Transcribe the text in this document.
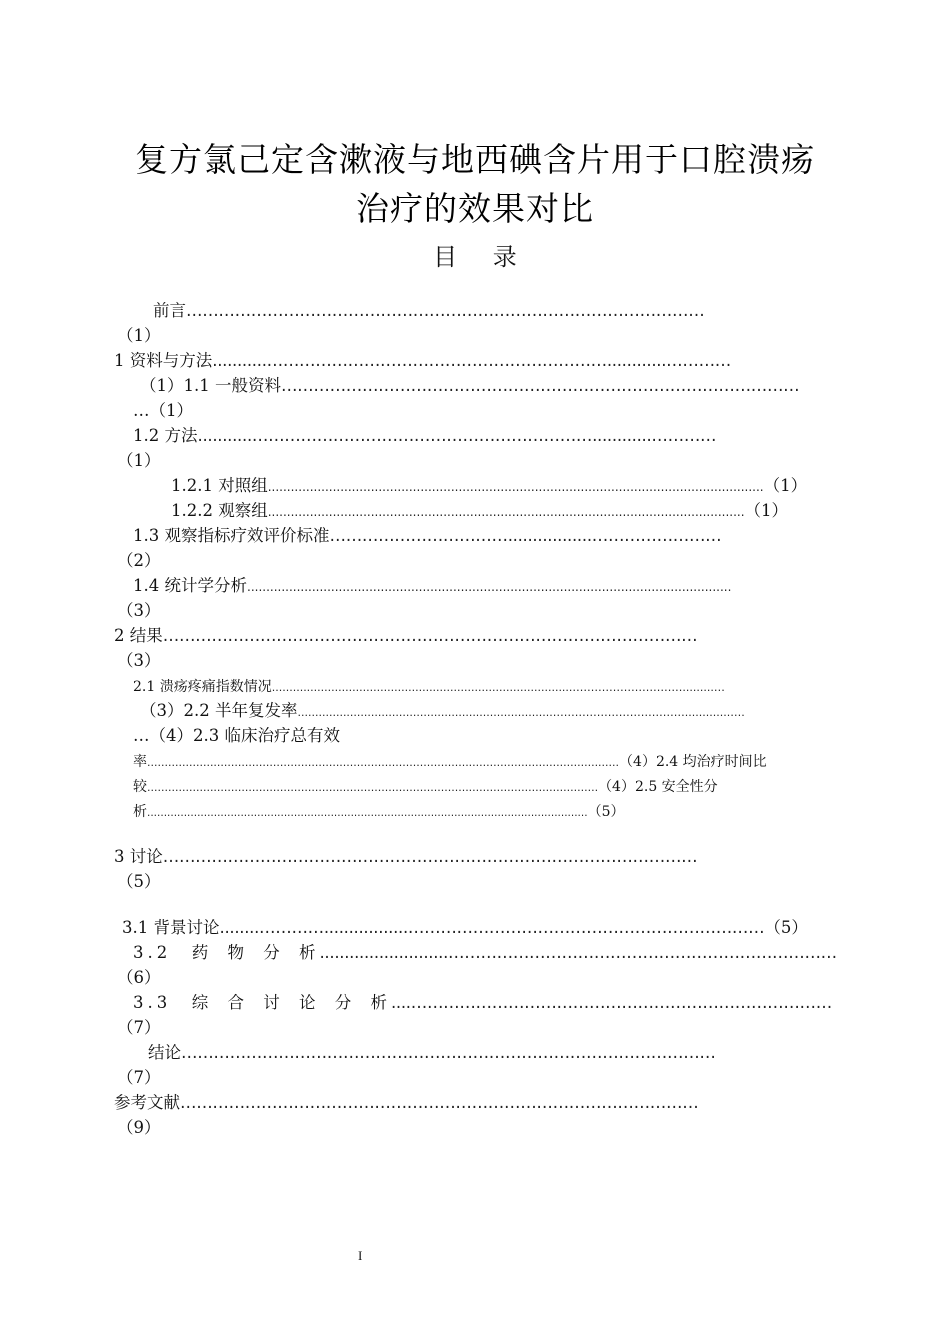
复方氯己定含漱液与地西碘含片用于口腔溃疡
治疗的效果对比
目 录
前言……………………………………………………………………………………
（1）
1 资料与方法...........………………………………………………………............…………
（1）1.1 一般资料……………………………………………………………………………………
…（1）
1.2 方法...........………………………………………………………............…………
（1）
1.2.1 对照组..................................................................................................................................（1）
1.2.2 观察组.............................................................................................................................（1）
1.3 观察指标疗效评价标准…………………………….................……………………
（2）
1.4 统计学分析...............................................................................................................................
（3）
2 结果………………………………………………………………………………………
（3）
2.1 溃疡疼痛指数情况......................................................................................………………………….........…
（3）2.2 半年复发率.........................................................................……………………………….............….
…（4）2.3 临床治疗总有效
率.......................................................................................................................................（4）2.4 均治疗时间比
较.................................................................................................................................（4）2.5 安全性分
析....................................................................................................................................（5）
3 讨论………………………………………………………………………………………
（5）
3.1 背景讨论........………….................…………………………………………………………（5）
3.2　药 物 分 析..........................………………………………………………………………
（6）
3.3　综 合 讨 论 分 析....……………………………………………………………………
（7）
结论………………………………………………………………………………………
（7）
参考文献……………………………………………………………………………………
（9）
I
